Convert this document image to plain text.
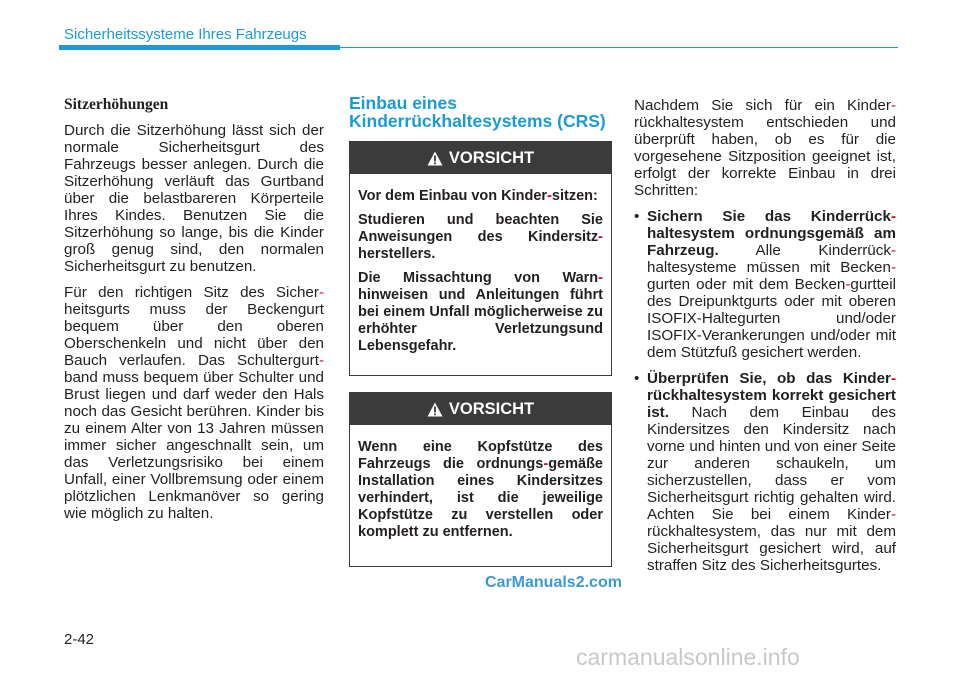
Sicherheitssysteme Ihres Fahrzeugs

Sitzerhöhungen

Durch die Sitzerhöhung lässt sich der normale Sicherheitsgurt des Fahrzeugs besser anlegen. Durch die Sitzerhöhung verläuft das Gurtband über die belastbareren Körperteile Ihres Kindes. Benutzen Sie die Sitzerhöhung so lange, bis die Kinder groß genug sind, den normalen Sicherheitsgurt zu benutzen.

Für den richtigen Sitz des Sicher-heitsgurts muss der Beckengurt bequem über den oberen Oberschenkeln und nicht über den Bauch verlaufen. Das Schultergurt-band muss bequem über Schulter und Brust liegen und darf weder den Hals noch das Gesicht berühren. Kinder bis zu einem Alter von 13 Jahren müssen immer sicher angeschnallt sein, um das Verletzungsrisiko bei einem Unfall, einer Vollbremsung oder einem plötzlichen Lenkmanöver so gering wie möglich zu halten.

Einbau eines Kinderrückhaltesystems (CRS)
VORSICHT

Vor dem Einbau von Kinder-sitzen:

Studieren und beachten Sie Anweisungen des Kindersitz-herstellers.

Die Missachtung von Warn-hinweisen und Anleitungen führt bei einem Unfall möglicherweise zu erhöhter Verletzungsund Lebensgefahr.

VORSICHT

Wenn eine Kopfstütze des Fahrzeugs die ordnungs-gemäße Installation eines Kindersitzes verhindert, ist die jeweilige Kopfstütze zu verstellen oder komplett zu entfernen.

Nachdem Sie sich für ein Kinder-rückhaltesystem entschieden und überprüft haben, ob es für die vorgesehene Sitzposition geeignet ist, erfolgt der korrekte Einbau in drei Schritten:

• Sichern Sie das Kinderrück-haltesystem ordnungsgemäß am Fahrzeug. Alle Kinderrück-haltesysteme müssen mit Becken-gurten oder mit dem Becken-gurtteil des Dreipunktgurts oder mit oberen ISOFIX-Haltegurten und/oder ISOFIX-Verankerungen und/oder mit dem Stützfuß gesichert werden.
• Überprüfen Sie, ob das Kinder-rückhaltesystem korrekt gesichert ist. Nach dem Einbau des Kindersitzes den Kindersitz nach vorne und hinten und von einer Seite zur anderen schaukeln, um sicherzustellen, dass er vom Sicherheitsgurt richtig gehalten wird. Achten Sie bei einem Kinder-rückhaltesystem, das nur mit dem Sicherheitsgurt gesichert wird, auf straffen Sitz des Sicherheitsgurtes.
CarManuals2.com
2-42
carmanualsonline.info
